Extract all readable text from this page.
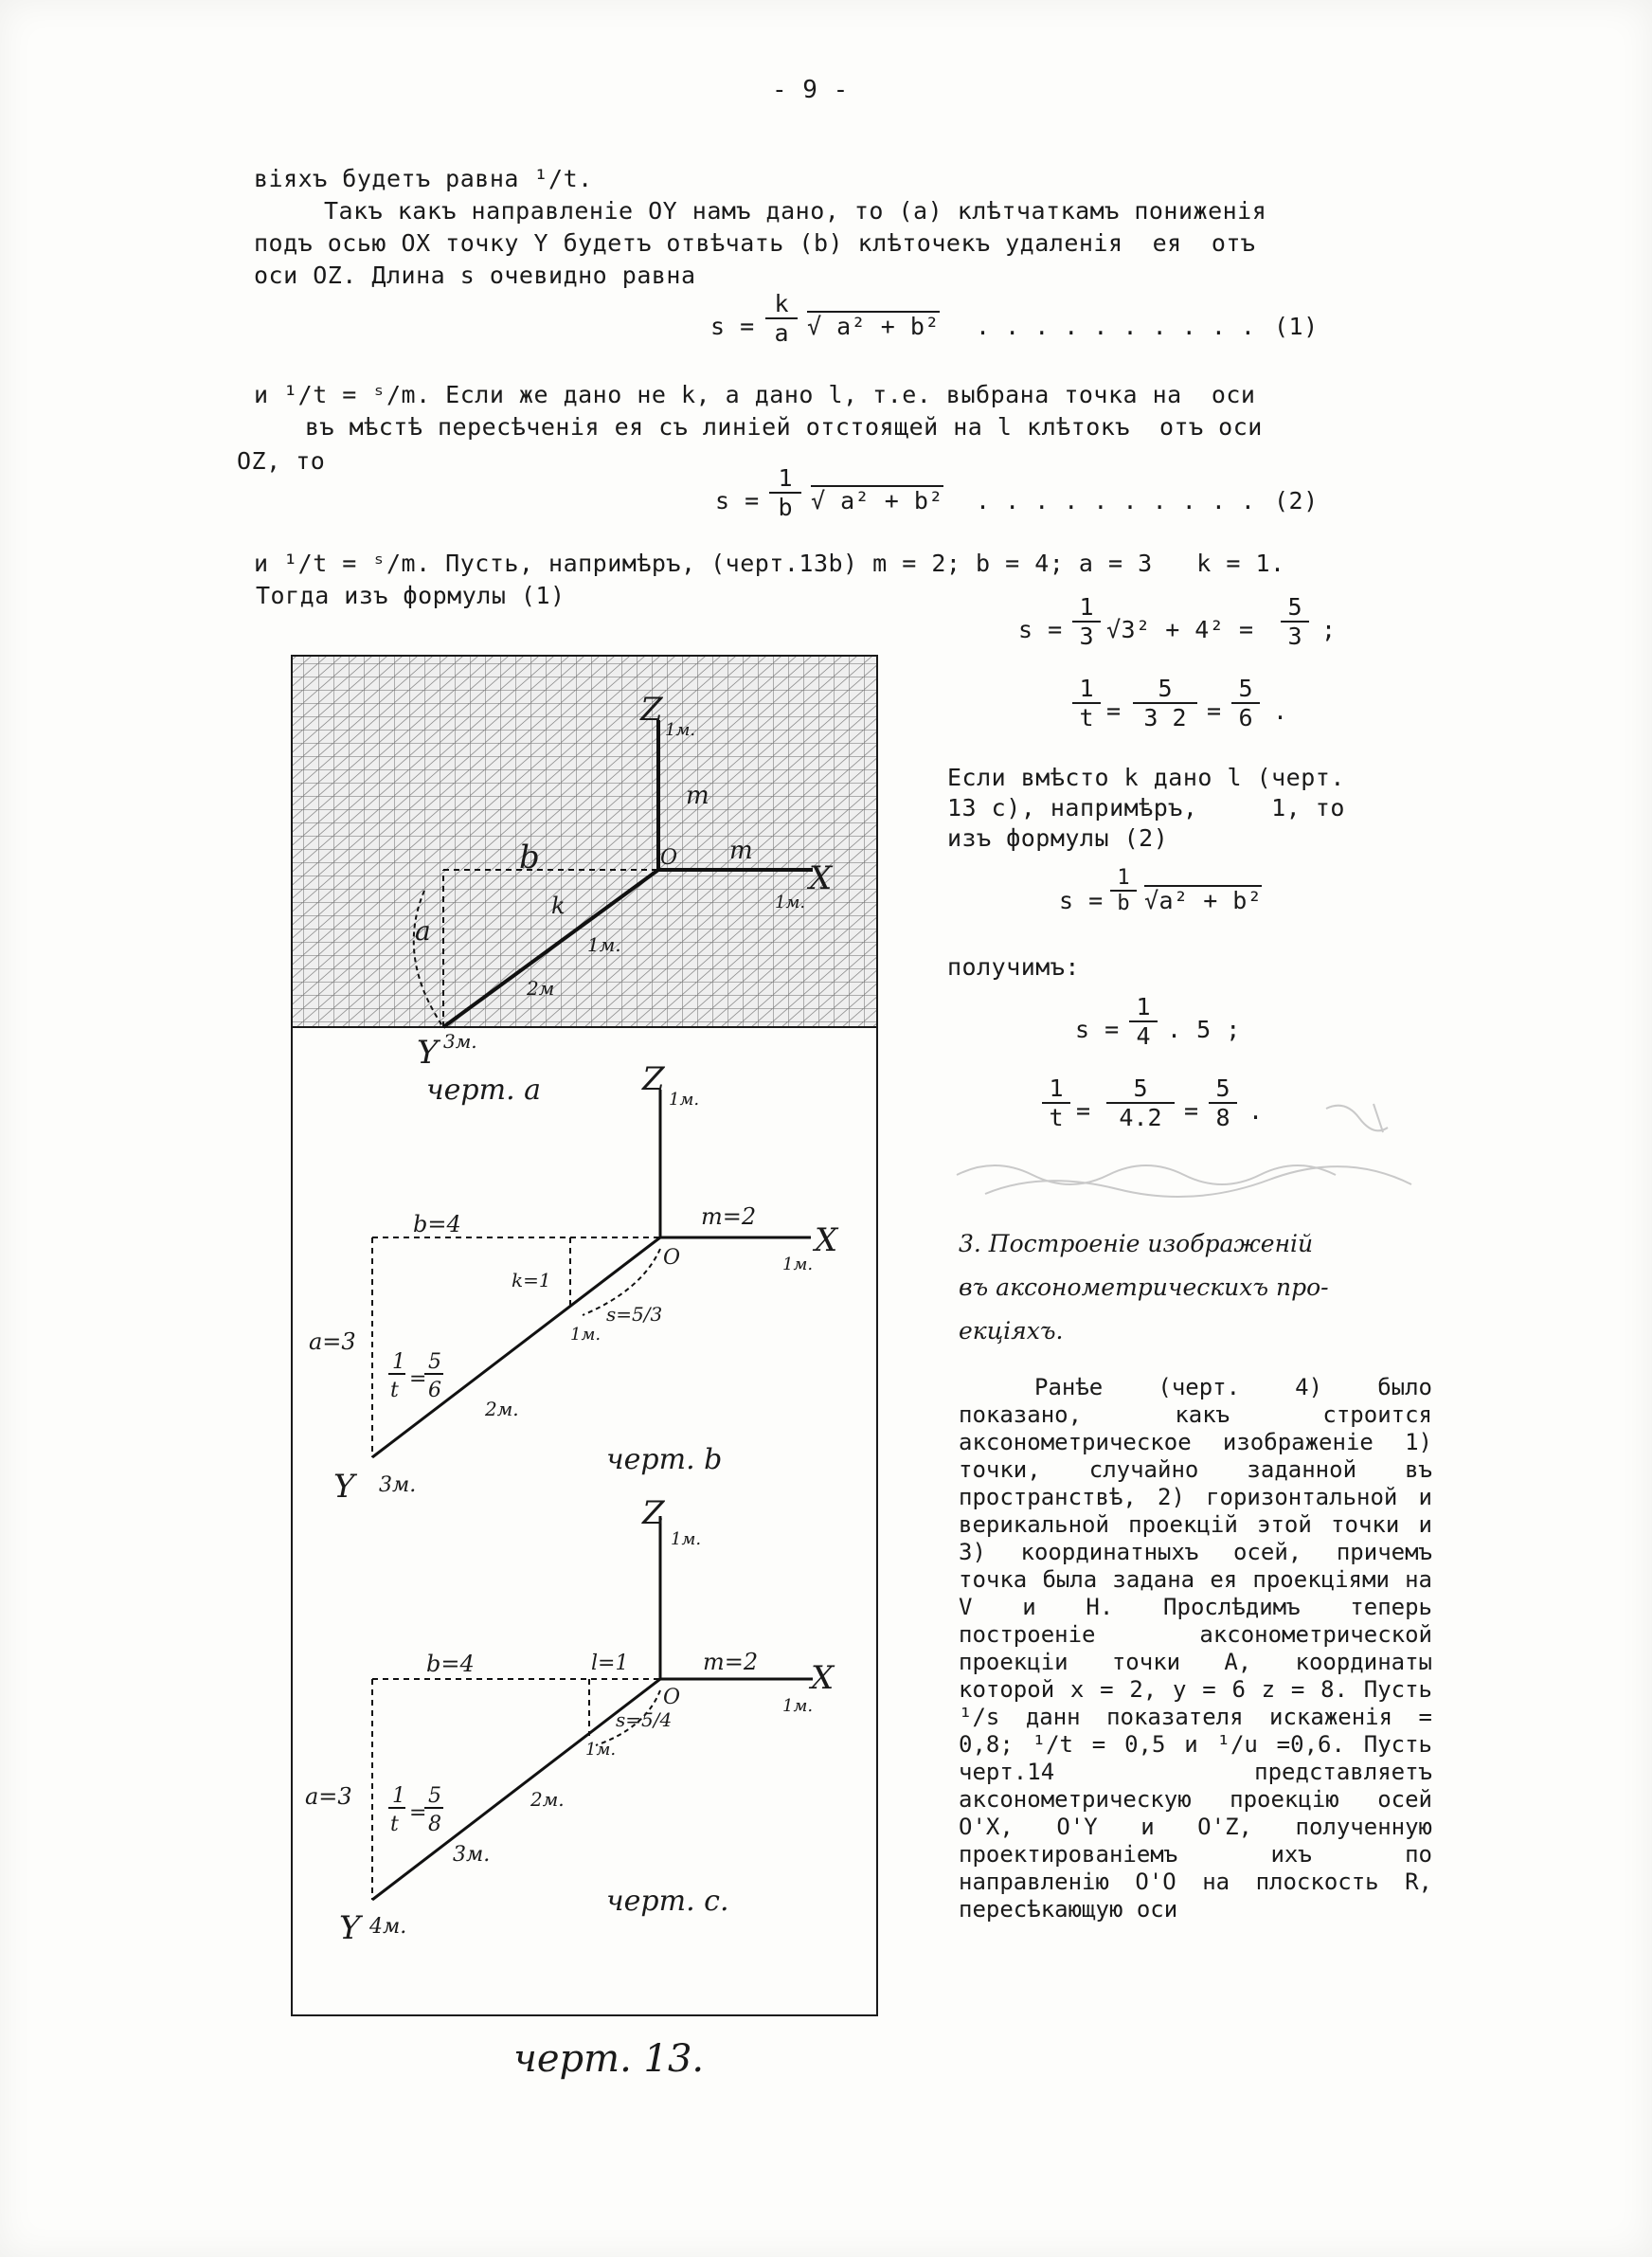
- 9 -
віяхъ будетъ равна ¹/t.
Такъ какъ направленіе OY намъ дано, то (а) клѣтчаткамъ пониженія
подъ осью OX точку Y будетъ отвѣчать (b) клѣточекъ удаленія  ея  отъ
оси OZ. Длина s очевидно равна
$s = \frac{k}{a}$ √ a² + b² . . . . . . . . . . (1)
и ¹/t = ˢ/m. Если же дано не k, а дано l, т.е. выбрана точка на  оси
въ мѣстѣ пересѣченія ея съ линіей отстоящей на l клѣтокъ  отъ оси
OZ, то
$s = \frac{1}{b}$ √ a² + b² . . . . . . . . . . (2)
и ¹/t = ˢ/m. Пусть, напримѣръ, (черт.13b) m = 2; b = 4; a = 3   k = 1.
Тогда изъ формулы (1)
$s = \frac{1}{3} √3^2 + 4^2 = \frac{5}{3}$ ;
$\frac{1}{t} = \frac{5}{3 2} = \frac{5}{6}$ .
Если вмѣсто k дано l (черт.
13 с), напримѣръ,     1, то
изъ формулы (2)
$s = \frac{1}{b} √a^2 + b^2$
получимъ:
$s = \frac{1}{4}$ . 5 ;
$\frac{1}{t} = \frac{5}{4.2} = \frac{5}{8}$ .
3. Построеніе изображеній
въ аксонометрическихъ про-
екціяхъ.

Ранѣе (черт. 4) было показано, какъ строится аксонометрическое изображеніе 1) точки, случайно заданной въ пространствѣ, 2) горизонтальной и верикальной проекцій этой точки и 3) координатныхъ осей, причемъ точка была задана ея проекціями на V и H. Прослѣдимъ теперь построеніе аксонометрической проекціи точки А, координаты которой x = 2, y = 6 z = 8. Пусть ¹/s данн показателя искаженія = 0,8; ¹/t = 0,5 и ¹/u =0,6. Пусть черт.14 представляетъ аксонометрическую проекцію осей O'X, O'Y и O'Z, полученную проектированіемъ ихъ по направленію O'O на плоскость R, пересѣкающую оси

Z
1м.
m
O m
X
1м.
b
k
a	1м.
2м
Y 3м.
черт. a	Z
1м.
m=2
X
1м.
O
b=4
k=1
s=5/3
1м.
a=3
1
t =
5
6
2м.
Y 3м.
черт. b
Z
1м.
m=2 X
1м.
O
b=4	l=1
s=5/4
1м.
a=3 1
t =
5
8
2м.
3м.
Y 4м.
черт. c.
черт. 13.
